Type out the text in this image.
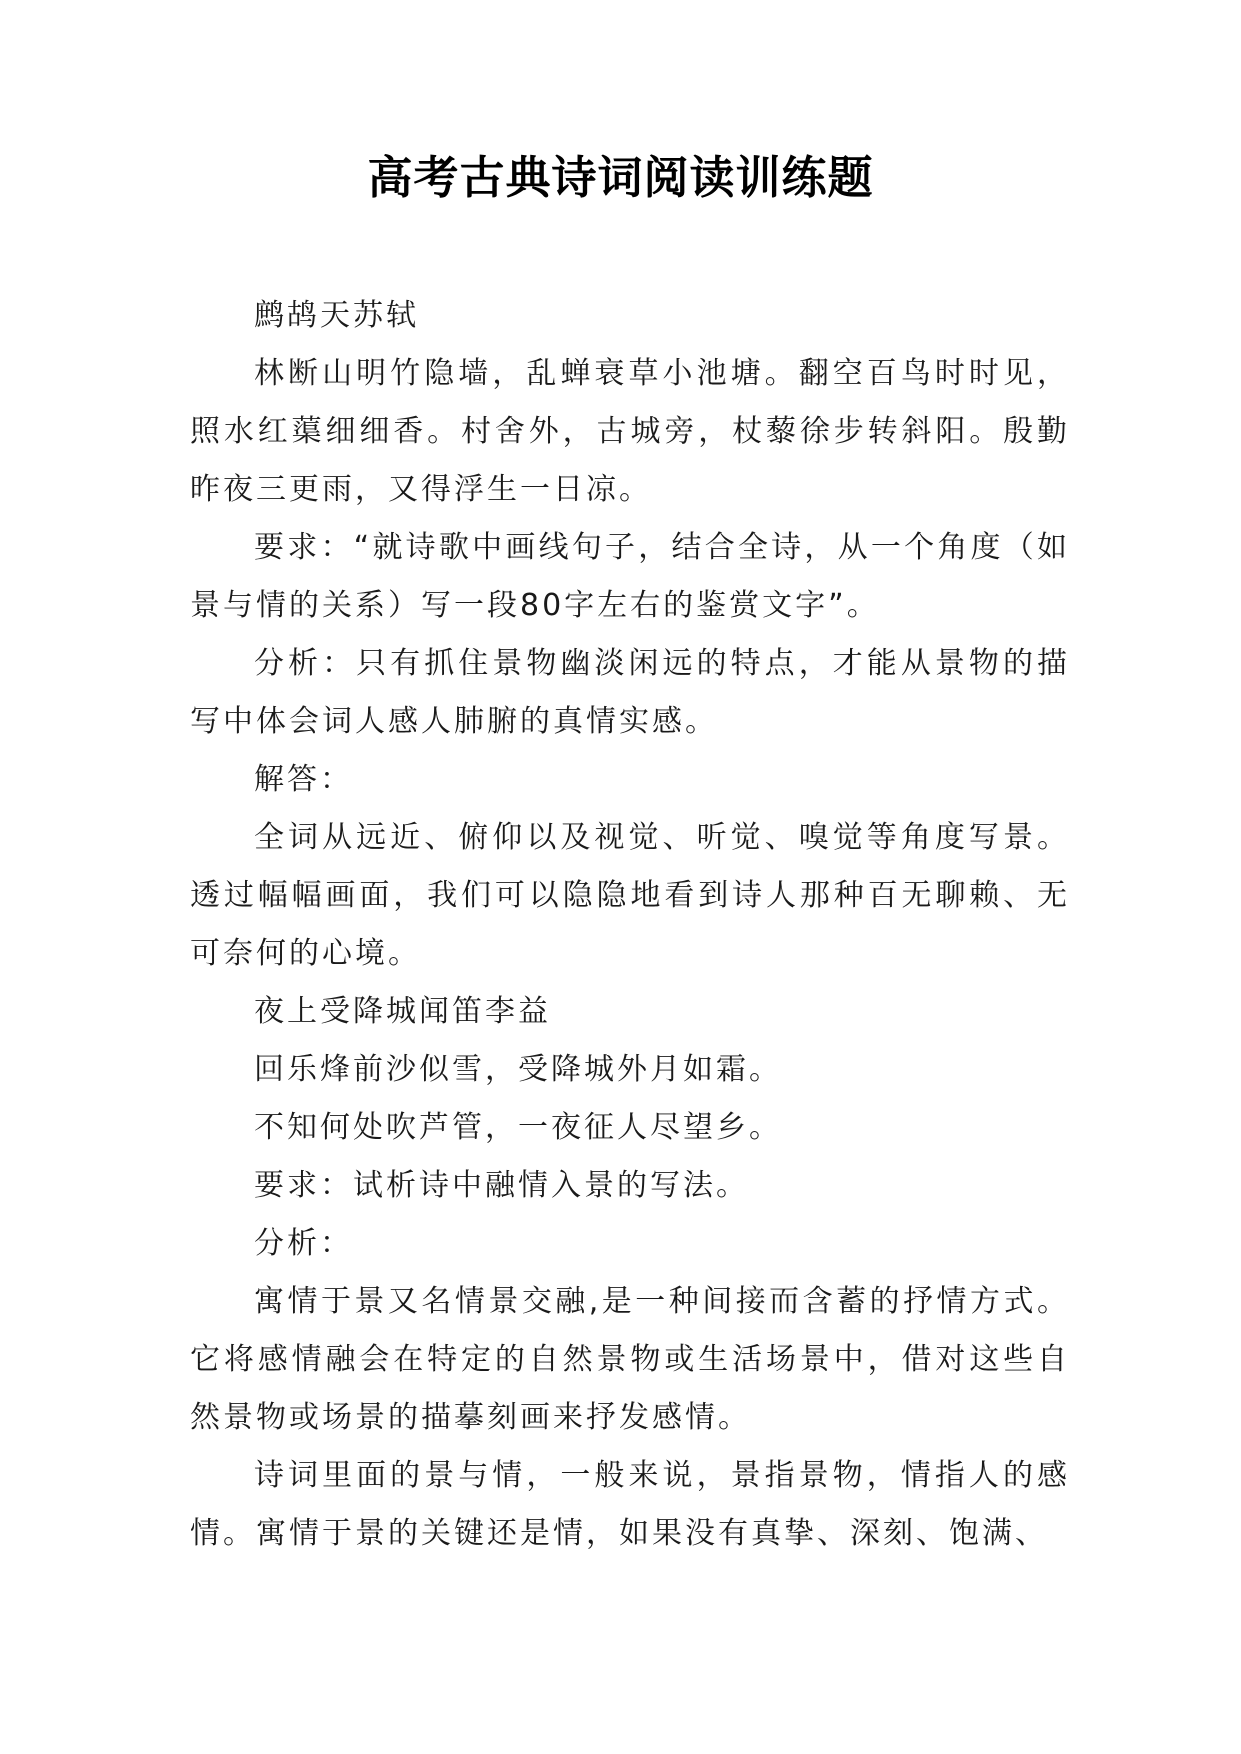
高考古典诗词阅读训练题

鹧鸪天苏轼

林断山明竹隐墙，乱蝉衰草小池塘。翻空百鸟时时见，照水红蕖细细香。村舍外，古城旁，杖藜徐步转斜阳。殷勤昨夜三更雨，又得浮生一日凉。

要求：“就诗歌中画线句子，结合全诗，从一个角度（如景与情的关系）写一段80字左右的鉴赏文字”。

分析：只有抓住景物幽淡闲远的特点，才能从景物的描写中体会词人感人肺腑的真情实感。

解答：

全词从远近、俯仰以及视觉、听觉、嗅觉等角度写景。透过幅幅画面，我们可以隐隐地看到诗人那种百无聊赖、无可奈何的心境。

夜上受降城闻笛李益

回乐烽前沙似雪，受降城外月如霜。

不知何处吹芦管，一夜征人尽望乡。

要求：试析诗中融情入景的写法。

分析：

寓情于景又名情景交融,是一种间接而含蓄的抒情方式。它将感情融会在特定的自然景物或生活场景中，借对这些自然景物或场景的描摹刻画来抒发感情。

诗词里面的景与情，一般来说，景指景物，情指人的感情。寓情于景的关键还是情，如果没有真挚、深刻、饱满、
